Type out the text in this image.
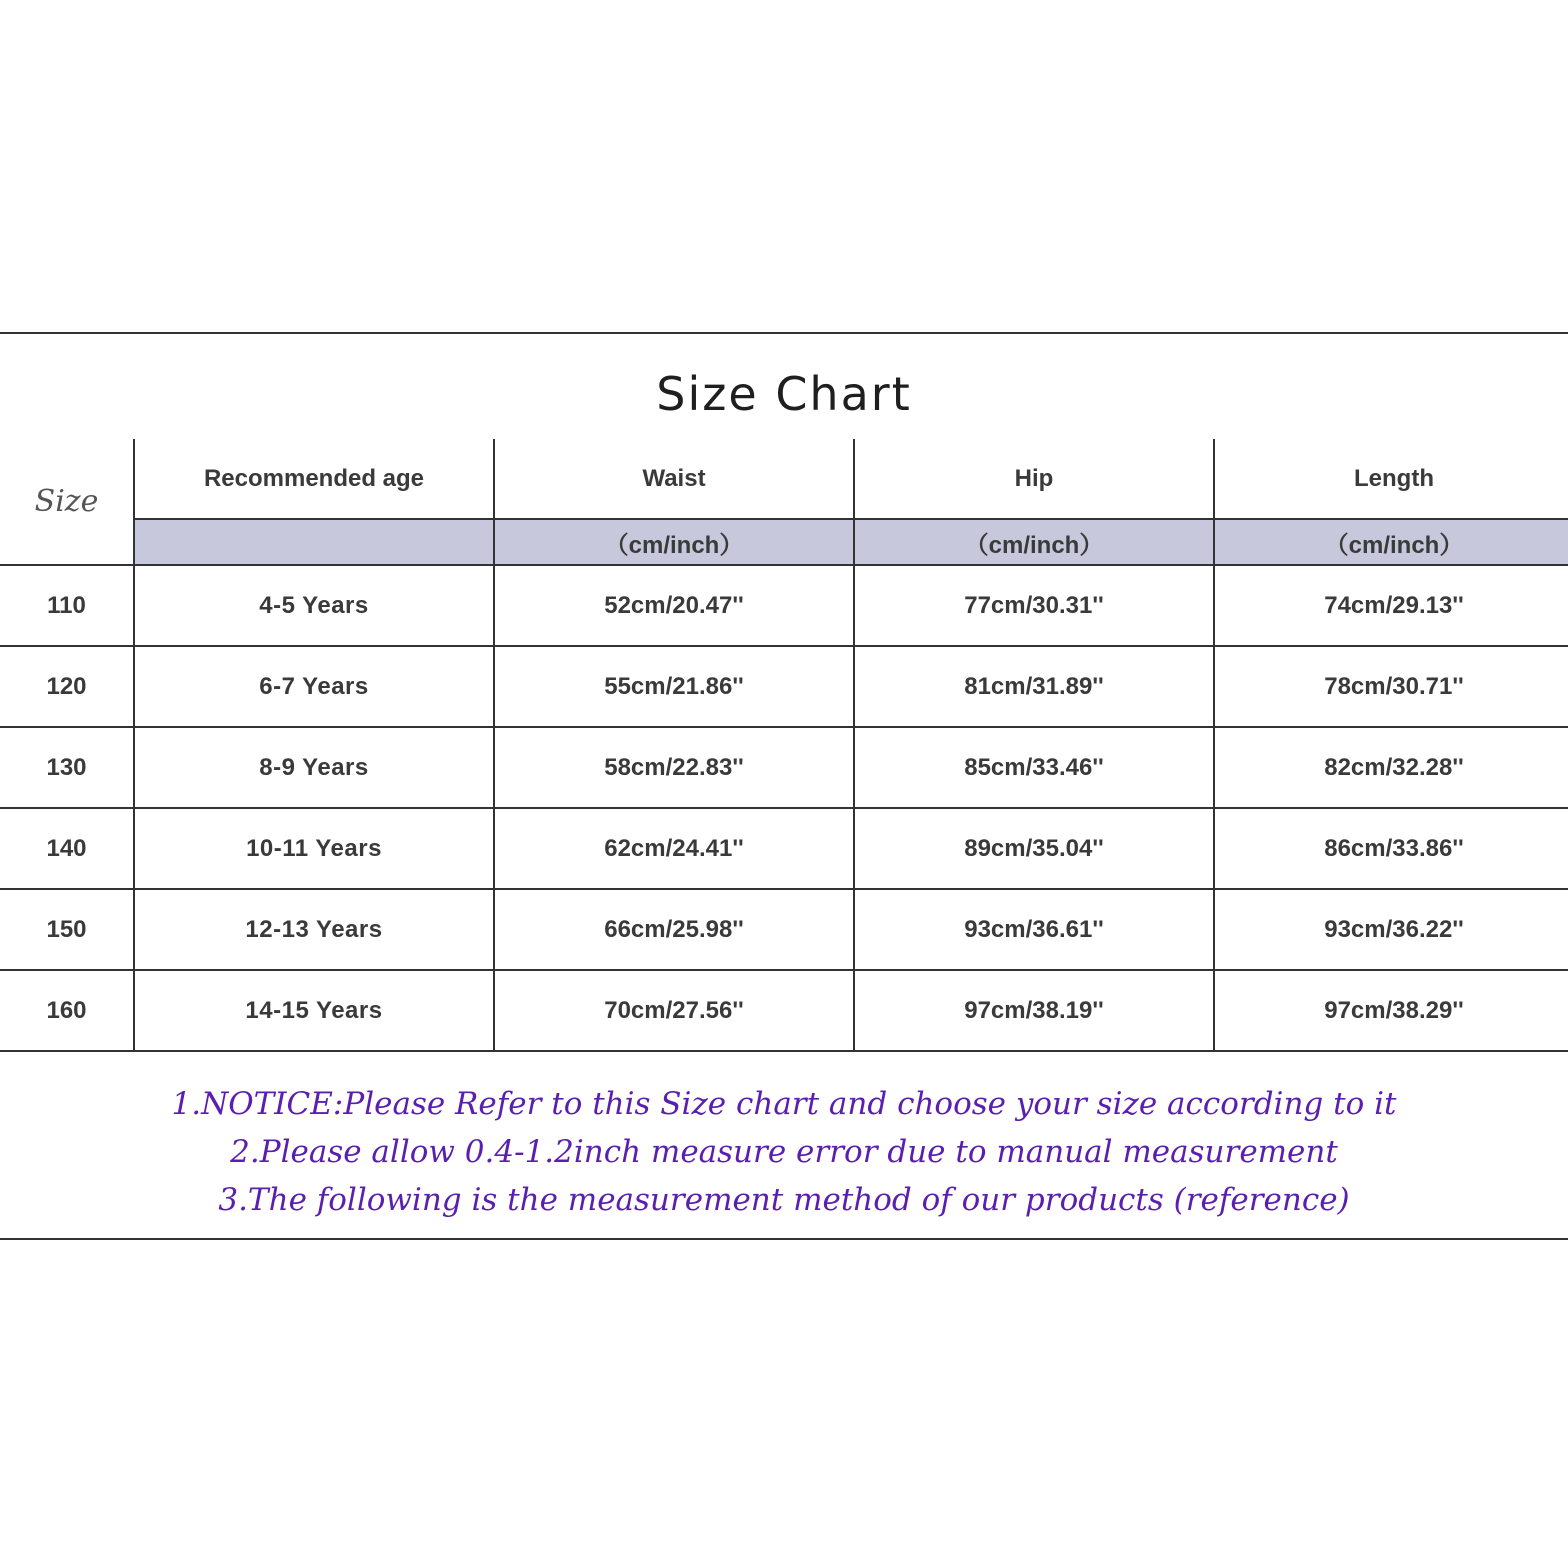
Size Chart
Size	Recommended age	Waist	Hip	Length
		（cm/inch）	（cm/inch）	（cm/inch）
110	4-5 Years	52cm/20.47''	77cm/30.31''	74cm/29.13''
120	6-7 Years	55cm/21.86''	81cm/31.89''	78cm/30.71''
130	8-9 Years	58cm/22.83''	85cm/33.46''	82cm/32.28''
140	10-11 Years	62cm/24.41''	89cm/35.04''	86cm/33.86''
150	12-13 Years	66cm/25.98''	93cm/36.61''	93cm/36.22''
160	14-15 Years	70cm/27.56''	97cm/38.19''	97cm/38.29''
1.NOTICE:Please Refer to this Size chart and choose your size according to it
2.Please allow 0.4-1.2inch measure error due to manual measurement
3.The following is the measurement method of our products (reference)
